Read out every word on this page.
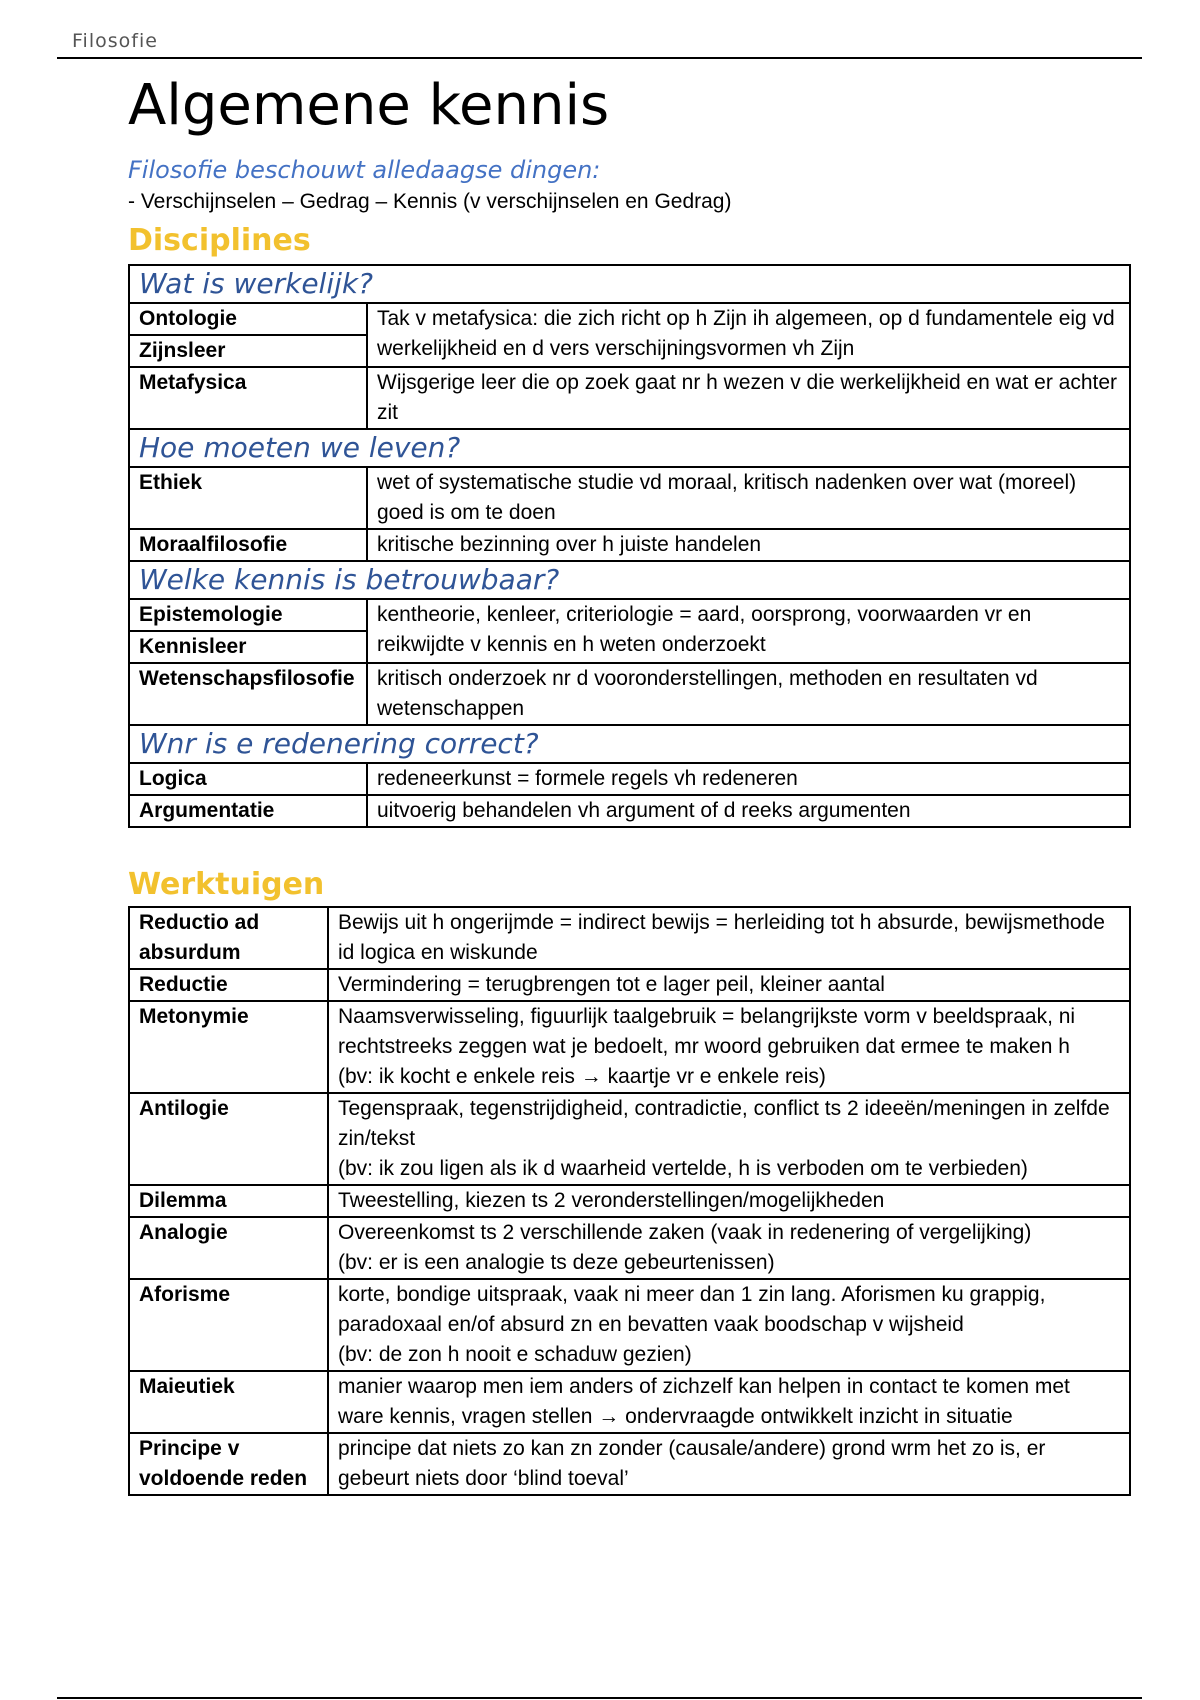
Filosofie
Algemene kennis
Filosofie beschouwt alledaagse dingen:
- Verschijnselen – Gedrag – Kennis (v verschijnselen en Gedrag)
Disciplines
Wat is werkelijk?	
Ontologie	Tak v metafysica: die zich richt op h Zijn ih algemeen, op d fundamentele eig vd werkelijkheid en d vers verschijningsvormen vh Zijn
Zijnsleer	
Metafysica	Wijsgerige leer die op zoek gaat nr h wezen v die werkelijkheid en wat er achter zit
Hoe moeten we leven?	
Ethiek	wet of systematische studie vd moraal, kritisch nadenken over wat (moreel) goed is om te doen
Moraalfilosofie	kritische bezinning over h juiste handelen
Welke kennis is betrouwbaar?	
Epistemologie	kentheorie, kenleer, criteriologie = aard, oorsprong, voorwaarden vr en reikwijdte v kennis en h weten onderzoekt
Kennisleer	
Wetenschapsfilosofie	kritisch onderzoek nr d vooronderstellingen, methoden en resultaten vd wetenschappen
Wnr is e redenering correct?	
Logica	redeneerkunst = formele regels vh redeneren
Argumentatie	uitvoerig behandelen vh argument of d reeks argumenten
Werktuigen
Reductio ad absurdum	Bewijs uit h ongerijmde = indirect bewijs = herleiding tot h absurde, bewijsmethode id logica en wiskunde

Reductie	Vermindering = terugbrengen tot e lager peil, kleiner aantal

Metonymie	Naamsverwisseling, figuurlijk taalgebruik = belangrijkste vorm v beeldspraak, ni rechtstreeks zeggen wat je bedoelt, mr woord gebruiken dat ermee te maken h
(bv: ik kocht e enkele reis → kaartje vr e enkele reis)

Antilogie	Tegenspraak, tegenstrijdigheid, contradictie, conflict ts 2 ideeën/meningen in zelfde zin/tekst
(bv: ik zou ligen als ik d waarheid vertelde, h is verboden om te verbieden)

Dilemma	Tweestelling, kiezen ts 2 veronderstellingen/mogelijkheden

Analogie	Overeenkomst ts 2 verschillende zaken (vaak in redenering of vergelijking)
(bv: er is een analogie ts deze gebeurtenissen)

Aforisme	korte, bondige uitspraak, vaak ni meer dan 1 zin lang. Aforismen ku grappig, paradoxaal en/of absurd zn en bevatten vaak boodschap v wijsheid
(bv: de zon h nooit e schaduw gezien)

Maieutiek	manier waarop men iem anders of zichzelf kan helpen in contact te komen met ware kennis, vragen stellen → ondervraagde ontwikkelt inzicht in situatie

Principe v voldoende reden	principe dat niets zo kan zn zonder (causale/andere) grond wrm het zo is, er gebeurt niets door ‘blind toeval’
